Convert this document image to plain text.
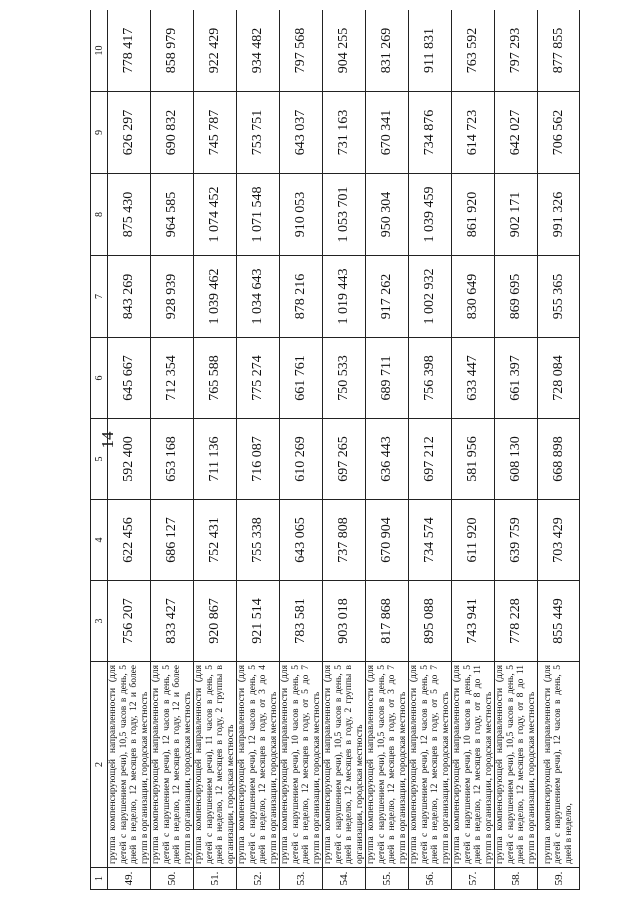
14
1	2	3	4	5	6	7	8	9	10
49.	группа компенсирующей направленности (для детей с нарушением речи), 10,5 часов в день, 5 дней в неделю, 12 месяцев в году, 12 и более групп в организации, городская местность	756 207	622 456	592 400	645 667	843 269	875 430	626 297	778 417
50.	группа компенсирующей направленности (для детей с нарушением речи), 12 часов в день, 5 дней в неделю, 12 месяцев в году, 12 и более групп в организации, городская местность	833 427	686 127	653 168	712 354	928 939	964 585	690 832	858 979
51.	группа компенсирующей направленности (для детей с нарушением речи), 11 часов в день, 5 дней в неделю, 12 месяцев в году, 2 группы в организации, городская местность	920 867	752 431	711 136	765 588	1 039 462	1 074 452	745 787	922 429
52.	группа компенсирующей направленности (для детей с нарушением речи), 12 часов в день, 5 дней в неделю, 12 месяцев в году, от 3 до 4 групп в организации, городская местность	921 514	755 338	716 087	775 274	1 034 643	1 071 548	753 751	934 482
53.	группа компенсирующей направленности (для детей с нарушением речи), 10 часов в день, 5 дней в неделю, 12 месяцев в году, от 5 до 7 групп в организации, городская местность	783 581	643 065	610 269	661 761	878 216	910 053	643 037	797 568
54.	группа компенсирующей направленности (для детей с нарушением речи), 10,5 часов в день, 5 дней в неделю, 12 месяцев в году, 2 группы в организации, городская местность	903 018	737 808	697 265	750 533	1 019 443	1 053 701	731 163	904 255
55.	группа компенсирующей направленности (для детей с нарушением речи), 10,5 часов в день, 5 дней в неделю, 12 месяцев в году, от 3 до 7 групп в организации, городская местность	817 868	670 904	636 443	689 711	917 262	950 304	670 341	831 269
56.	группа компенсирующей направленности (для детей с нарушением речи), 12 часов в день, 5 дней в неделю, 12 месяцев в году, от 5 до 7 групп в организации, городская местность	895 088	734 574	697 212	756 398	1 002 932	1 039 459	734 876	911 831
57.	группа компенсирующей направленности (для детей с нарушением речи), 10 часов в день, 5 дней в неделю, 12 месяцев в году, от 8 до 11 групп в организации, городская местность	743 941	611 920	581 956	633 447	830 649	861 920	614 723	763 592
58.	группа компенсирующей направленности (для детей с нарушением речи), 10,5 часов в день, 5 дней в неделю, 12 месяцев в году, от 8 до 11 групп в организации, городская местность	778 228	639 759	608 130	661 397	869 695	902 171	642 027	797 293
59.	группа компенсирующей направленности (для детей с нарушением речи), 12 часов в день, 5 дней в неделю,	855 449	703 429	668 898	728 084	955 365	991 326	706 562	877 855
